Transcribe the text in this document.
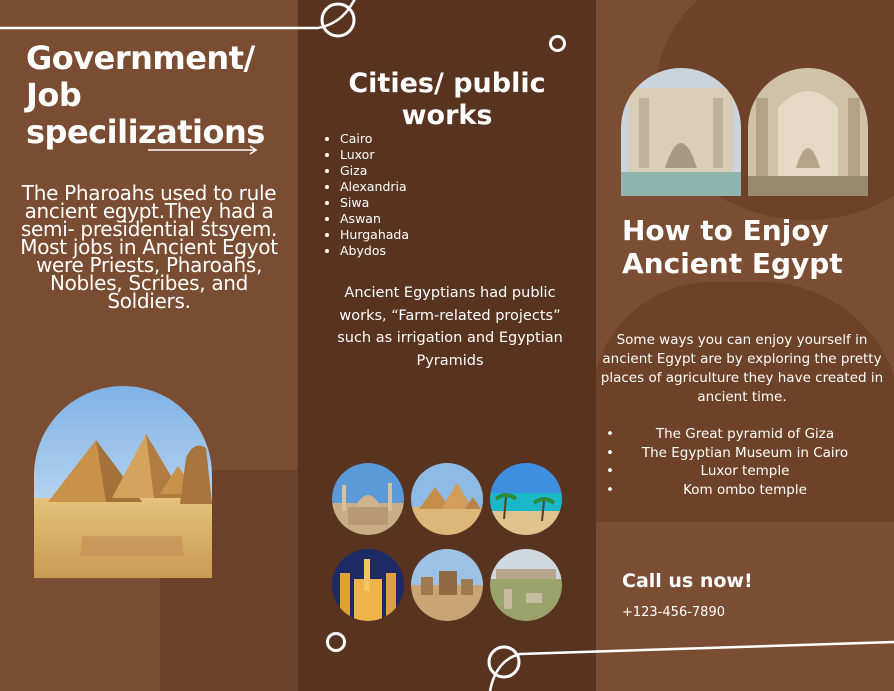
Government/
Job
specilizations

The Pharoahs used to rule ancient egypt.They had a semi- presidential stsyem. Most jobs in Ancient Egyot were Priests, Pharoahs, Nobles, Scribes, and Soldiers.

Cities/ public
works
• Cairo
• Luxor
• Giza
• Alexandria
• Siwa
• Aswan
• Hurgahada
• Abydos

Ancient Egyptians had public works, “Farm-related projects” such as irrigation and Egyptian Pyramids

How to Enjoy
Ancient Egypt

Some ways you can enjoy yourself in ancient Egypt are by exploring the pretty places of agriculture they have created in ancient time.

• The Great pyramid of Giza
• The Egyptian Museum in Cairo
• Luxor temple
• Kom ombo temple

Call us now!

+123-456-7890
